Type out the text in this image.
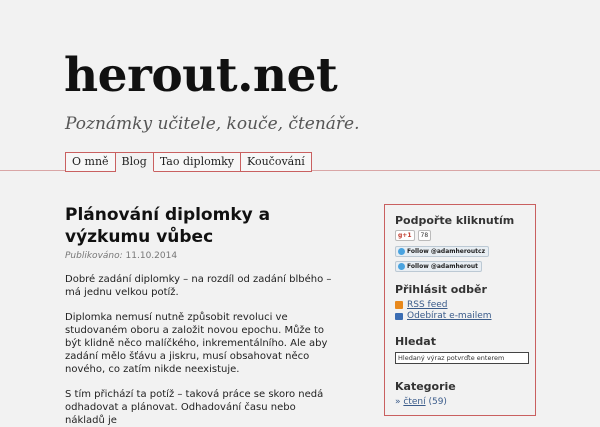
herout.net

Poznámky učitele, kouče, čtenáře.

O mně	Blog	Tao diplomky	Koučování
Plánování diplomky a výzkumu vůbec
Publikováno: 11.10.2014

Dobré zadání diplomky – na rozdíl od zadání blbého – má jednu velkou potíž.

Diplomka nemusí nutně způsobit revoluci ve studovaném oboru a založit novou epochu. Může to být klidně něco malíčkého, inkrementálního. Ale aby zadání mělo šťávu a jiskru, musí obsahovat něco nového, co zatím nikde neexistuje.

S tím přichází ta potíž – taková práce se skoro nedá odhadovat a plánovat. Odhadování času nebo nákladů je

Podpořte kliknutím
g+1	78
Follow @adamheroutcz
Follow @adamherout
Přihlásit odběr
RSS feed
Odebírat e-mailem
Hledat
Hledaný výraz potvrďte enterem
Kategorie
» čtení (59)
